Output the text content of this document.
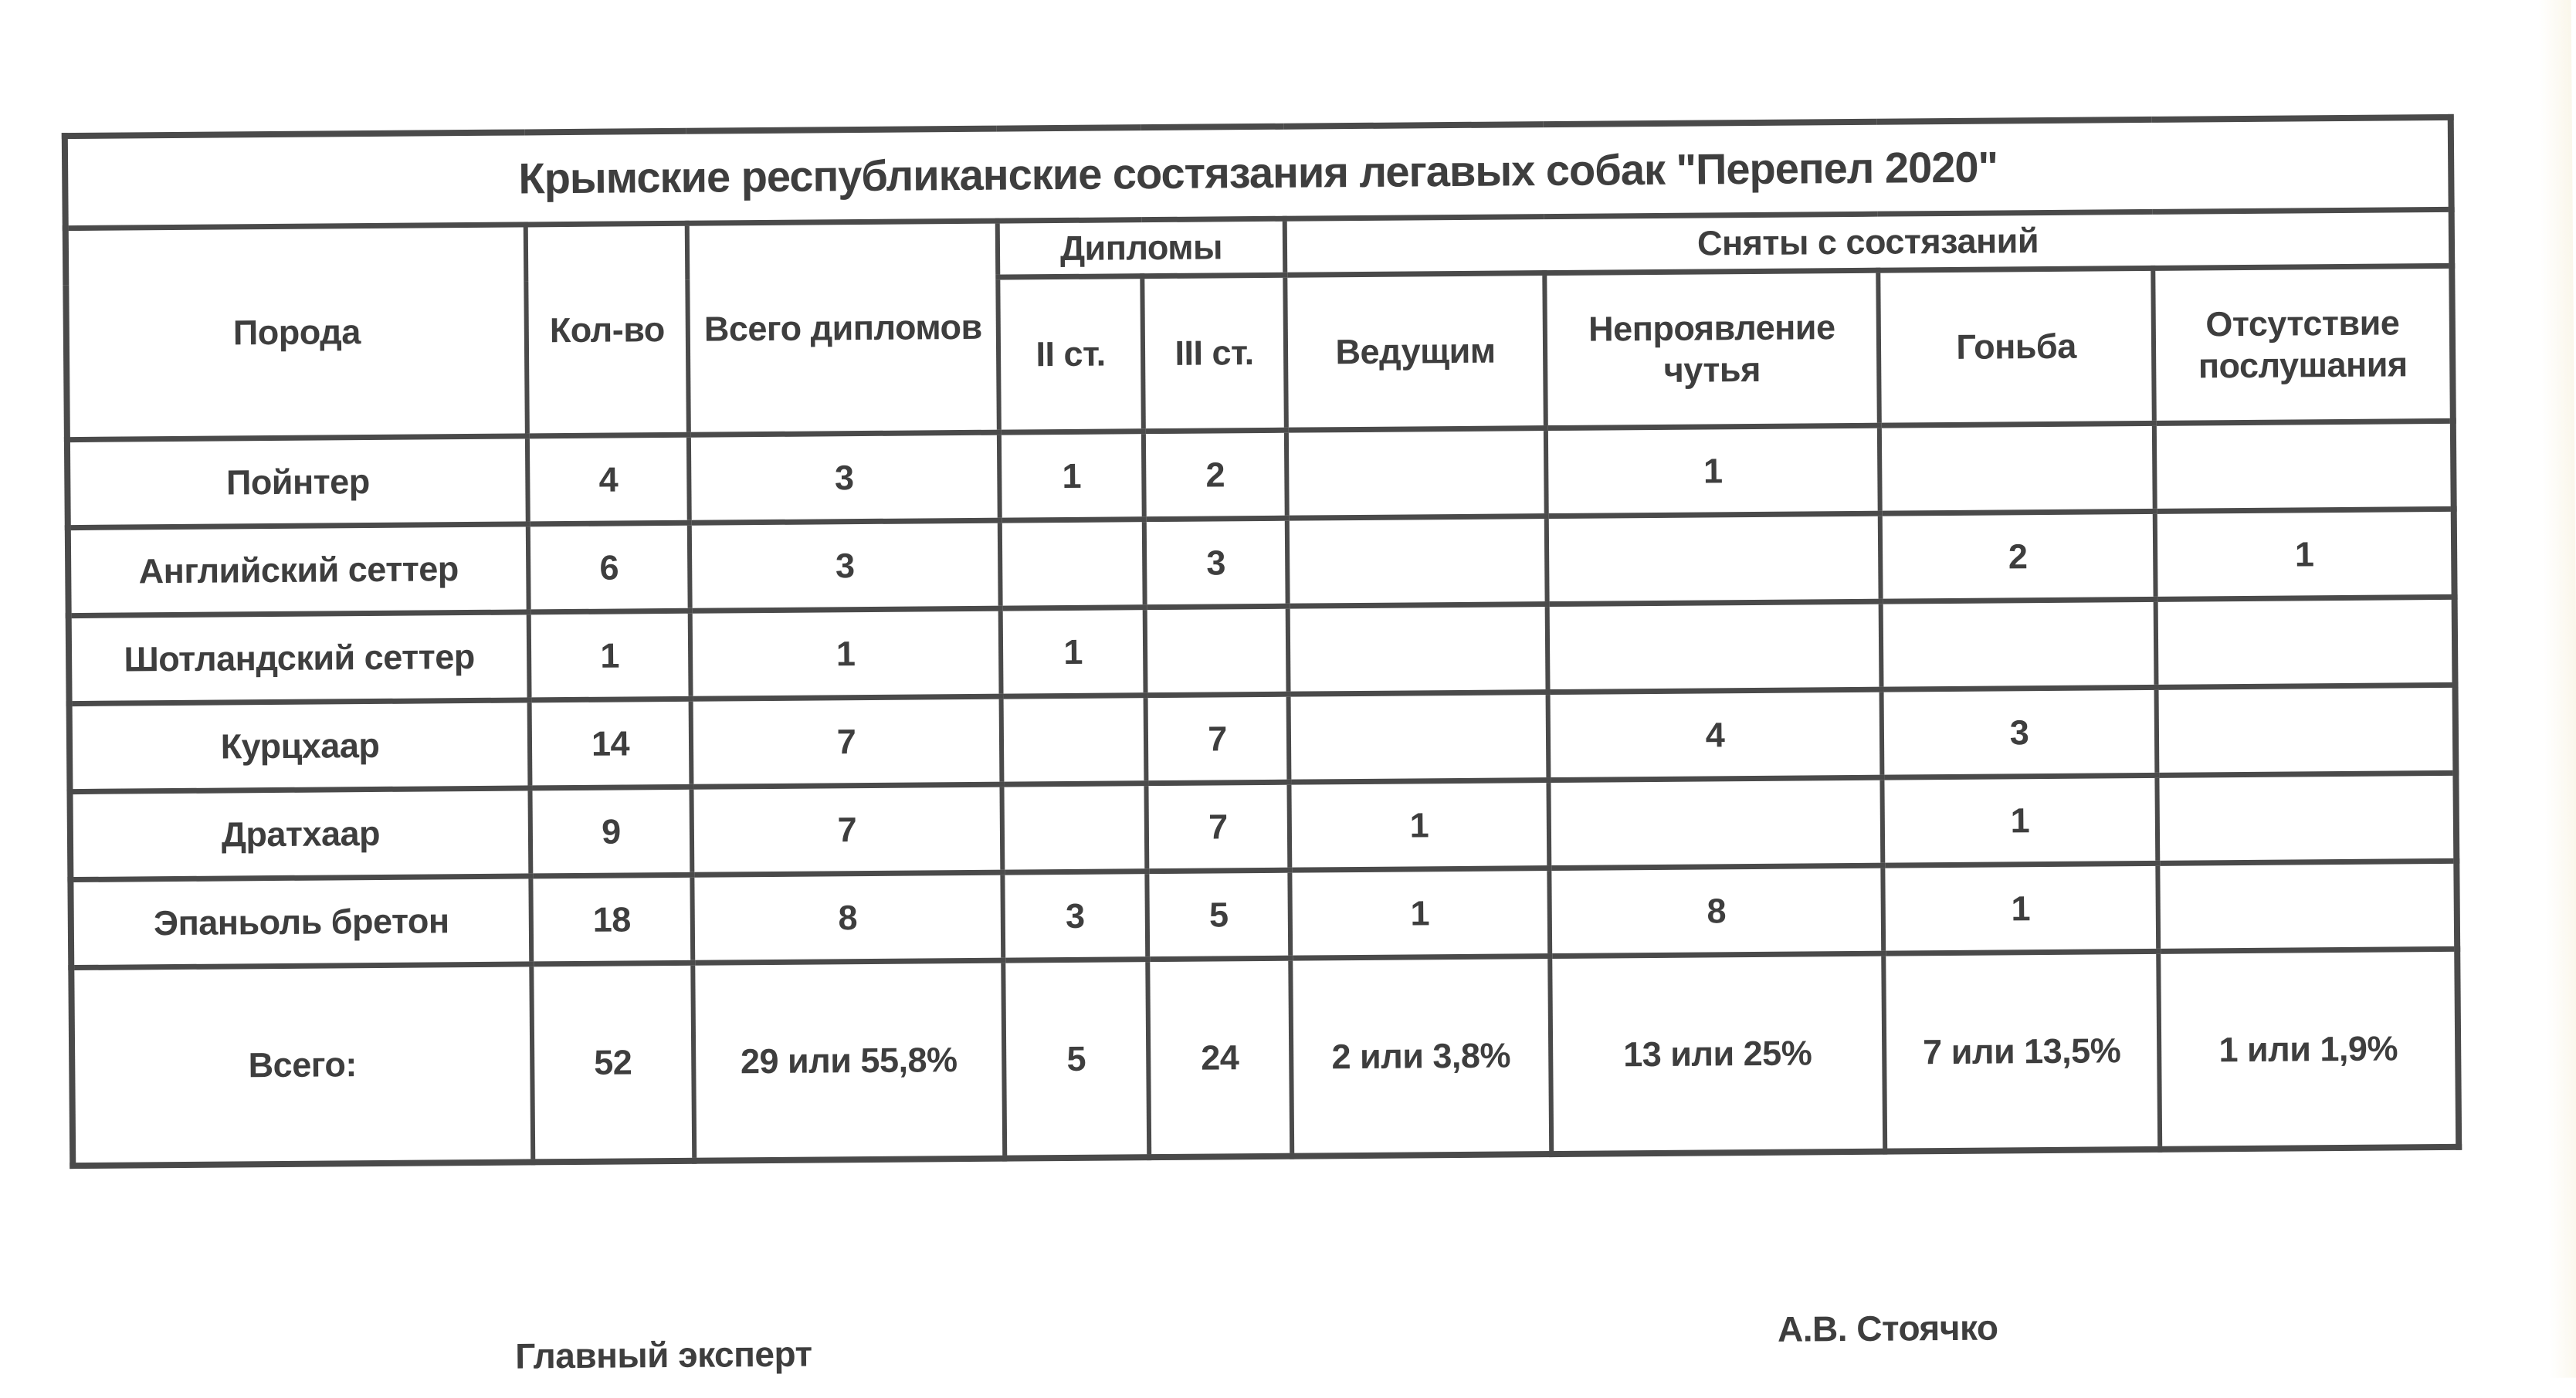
Крымские республиканские состязания легавых собак "Перепел 2020"								
Порода	Кол-во	Всего дипломов	Дипломы		Сняты с состязаний			
			II ст.	III ст.	Ведущим	Непроявление чутья	Гоньба	Отсутствие послушания
Пойнтер	4	3	1	2		1		
Английский сеттер	6	3		3			2	1
Шотландский сеттер	1	1	1					
Курцхаар	14	7		7		4	3	
Дратхаар	9	7		7	1		1	
Эпаньоль бретон	18	8	3	5	1	8	1	
Всего:	52	29 или 55,8%	5	24	2 или 3,8%	13 или 25%	7 или 13,5%	1 или 1,9%
Главный эксперт
А.В. Стоячко
